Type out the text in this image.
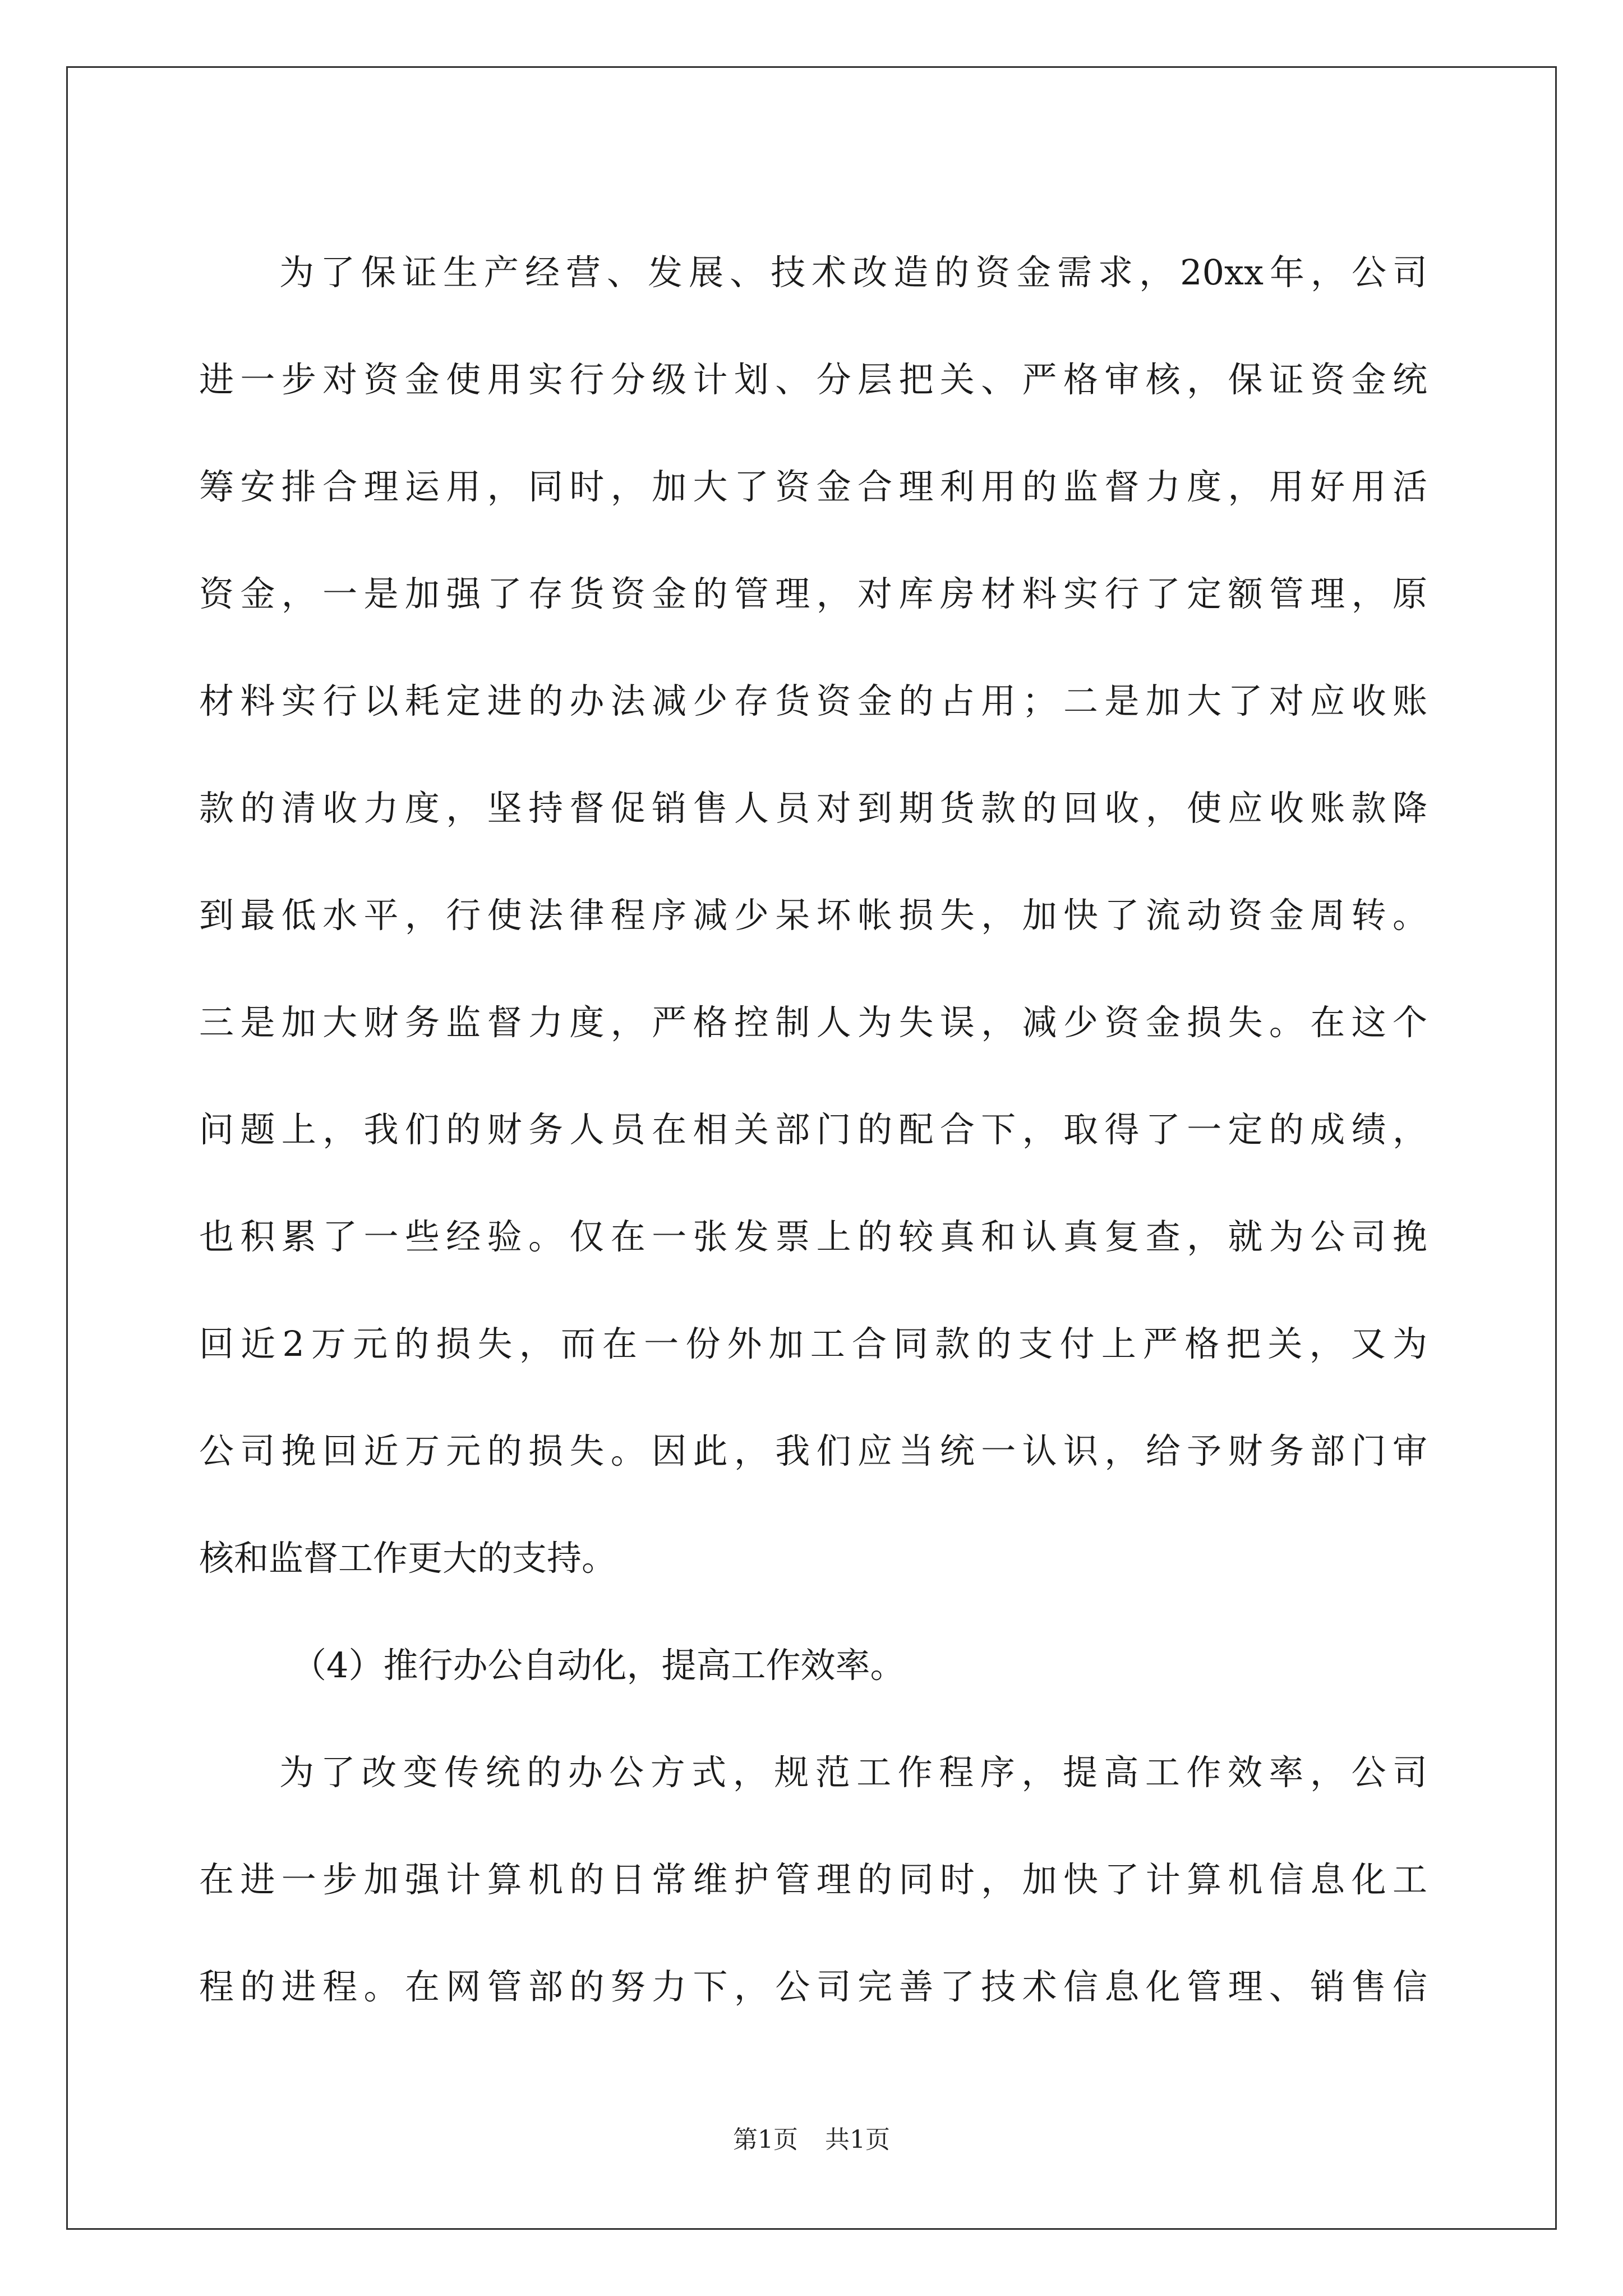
为了保证生产经营、发展、技术改造的资金需求，20xx年，公司
进一步对资金使用实行分级计划、分层把关、严格审核，保证资金统
筹安排合理运用，同时，加大了资金合理利用的监督力度，用好用活
资金，一是加强了存货资金的管理，对库房材料实行了定额管理，原
材料实行以耗定进的办法减少存货资金的占用；二是加大了对应收账
款的清收力度，坚持督促销售人员对到期货款的回收，使应收账款降
到最低水平，行使法律程序减少呆坏帐损失，加快了流动资金周转。
三是加大财务监督力度，严格控制人为失误，减少资金损失。在这个
问题上，我们的财务人员在相关部门的配合下，取得了一定的成绩，
也积累了一些经验。仅在一张发票上的较真和认真复查，就为公司挽
回近2万元的损失，而在一份外加工合同款的支付上严格把关，又为
公司挽回近万元的损失。因此，我们应当统一认识，给予财务部门审
核和监督工作更大的支持。
（4）推行办公自动化，提高工作效率。
为了改变传统的办公方式，规范工作程序，提高工作效率，公司
在进一步加强计算机的日常维护管理的同时，加快了计算机信息化工
程的进程。在网管部的努力下，公司完善了技术信息化管理、销售信
第1页 共1页
